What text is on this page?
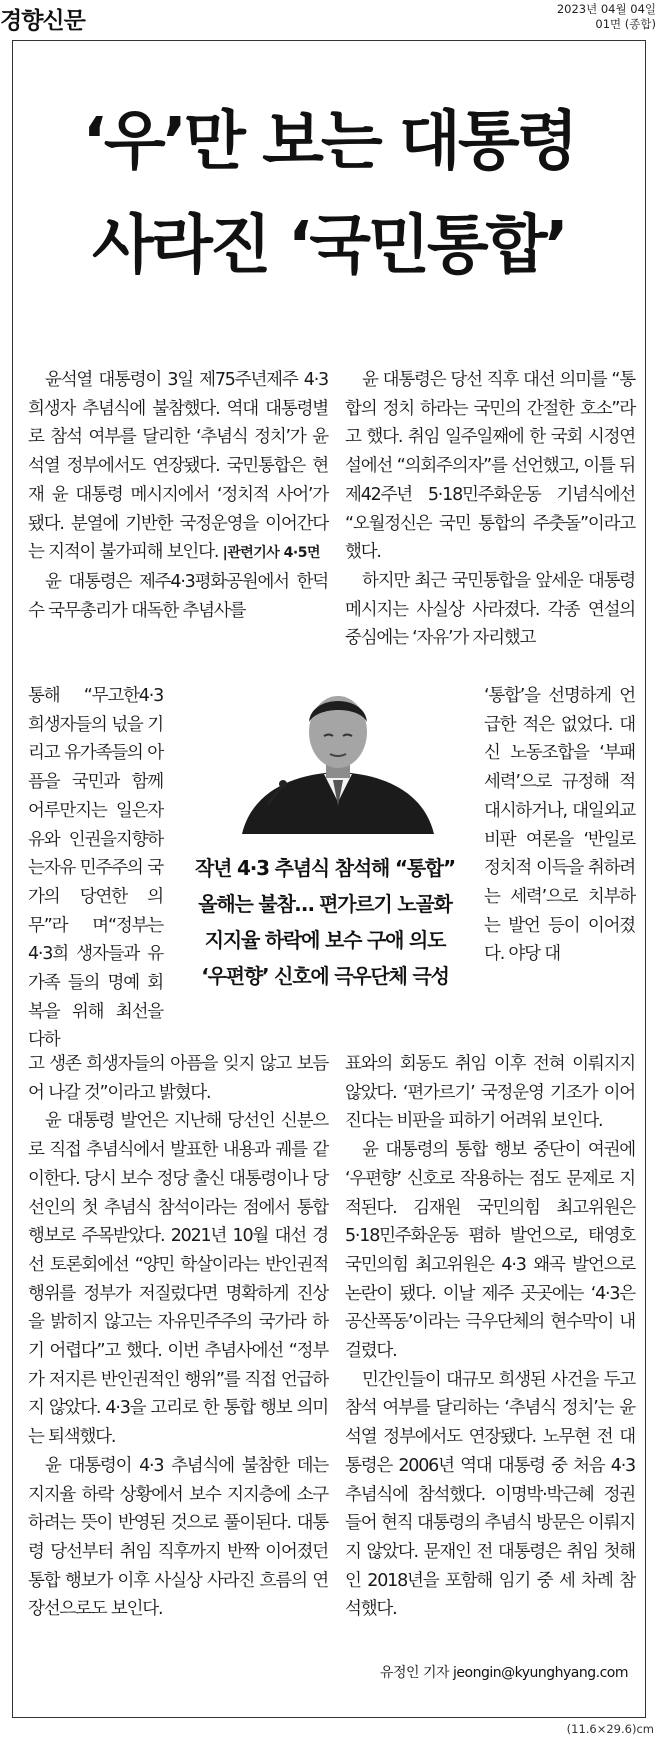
경향신문	2023년 04월 04일
01면 (종합)
‘우’만 보는 대통령
사라진 ‘국민통합’

윤석열 대통령이 3일 제75주년제주 4·3 희생자 추념식에 불참했다. 역대 대통령별로 참석 여부를 달리한 ‘추념식 정치’가 윤석열 정부에서도 연장됐다. 국민통합은 현재 윤 대통령 메시지에서 ‘정치적 사어’가 됐다. 분열에 기반한 국정운영을 이어간다는 지적이 불가피해 보인다. |관련기사 4·5면

윤 대통령은 제주4·3평화공원에서 한덕수 국무총리가 대독한 추념사를

윤 대통령은 당선 직후 대선 의미를 “통합의 정치 하라는 국민의 간절한 호소”라고 했다. 취임 일주일째에 한 국회 시정연설에선 “의회주의자”를 선언했고, 이틀 뒤 제42주년 5·18민주화운동 기념식에선 “오월정신은 국민 통합의 주춧돌”이라고 했다.

하지만 최근 국민통합을 앞세운 대통령 메시지는 사실상 사라졌다. 각종 연설의 중심에는 ‘자유’가 자리했고

통해 “무고한4·3 희생자들의 넋을 기리고 유가족들의 아픔을 국민과 함께 어루만지는 일은자유와 인권을지향하는자유 민주주의 국가의 당연한 의무”라 며“정부는4·3희 생자들과 유가족 들의 명예 회복을 위해 최선을 다하
‘통합’을 선명하게 언급한 적은 없었다. 대신 노동조합을 ‘부패 세력’으로 규정해 적대시하거나, 대일외교 비판 여론을 ‘반일로 정치적 이득을 취하려는 세력’으로 치부하는 발언 등이 이어졌다. 야당 대
작년 4·3 추념식 참석해 “통합”
올해는 불참… 편가르기 노골화
지지율 하락에 보수 구애 의도
‘우편향’ 신호에 극우단체 극성
고 생존 희생자들의 아픔을 잊지 않고 보듬어 나갈 것”이라고 밝혔다.

윤 대통령 발언은 지난해 당선인 신분으로 직접 추념식에서 발표한 내용과 궤를 같이한다. 당시 보수 정당 출신 대통령이나 당선인의 첫 추념식 참석이라는 점에서 통합 행보로 주목받았다. 2021년 10월 대선 경선 토론회에선 “양민 학살이라는 반인권적 행위를 정부가 저질렀다면 명확하게 진상을 밝히지 않고는 자유민주주의 국가라 하기 어렵다”고 했다. 이번 추념사에선 “정부가 저지른 반인권적인 행위”를 직접 언급하지 않았다. 4·3을 고리로 한 통합 행보 의미는 퇴색했다.

윤 대통령이 4·3 추념식에 불참한 데는 지지율 하락 상황에서 보수 지지층에 소구하려는 뜻이 반영된 것으로 풀이된다. 대통령 당선부터 취임 직후까지 반짝 이어졌던 통합 행보가 이후 사실상 사라진 흐름의 연장선으로도 보인다.

표와의 회동도 취임 이후 전혀 이뤄지지 않았다. ‘편가르기’ 국정운영 기조가 이어진다는 비판을 피하기 어려워 보인다.

윤 대통령의 통합 행보 중단이 여권에 ‘우편향’ 신호로 작용하는 점도 문제로 지적된다. 김재원 국민의힘 최고위원은 5·18민주화운동 폄하 발언으로, 태영호 국민의힘 최고위원은 4·3 왜곡 발언으로 논란이 됐다. 이날 제주 곳곳에는 ‘4·3은 공산폭동’이라는 극우단체의 현수막이 내걸렸다.

민간인들이 대규모 희생된 사건을 두고 참석 여부를 달리하는 ‘추념식 정치’는 윤석열 정부에서도 연장됐다. 노무현 전 대통령은 2006년 역대 대통령 중 처음 4·3 추념식에 참석했다. 이명박·박근혜 정권 들어 현직 대통령의 추념식 방문은 이뤄지지 않았다. 문재인 전 대통령은 취임 첫해인 2018년을 포함해 임기 중 세 차례 참석했다.

유정인 기자 jeongin@kyunghyang.com
(11.6×29.6)cm
